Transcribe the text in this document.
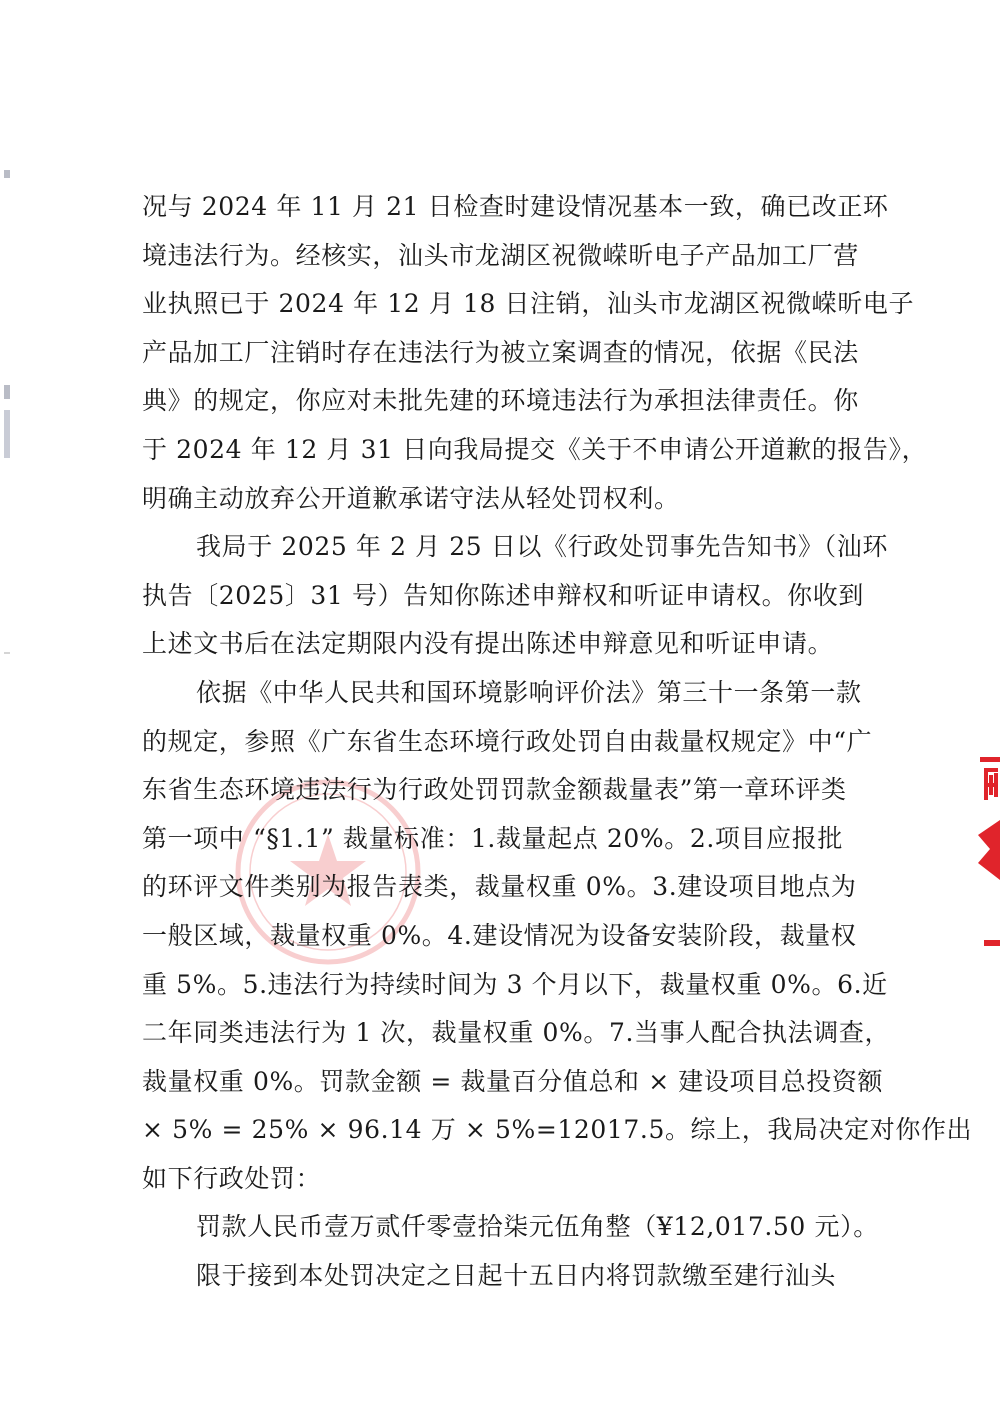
况与 2024 年 11 月 21 日检查时建设情况基本一致，确已改正环
境违法行为。经核实，汕头市龙湖区祝微嵘昕电子产品加工厂营
业执照已于 2024 年 12 月 18 日注销，汕头市龙湖区祝微嵘昕电子
产品加工厂注销时存在违法行为被立案调查的情况，依据《民法
典》的规定，你应对未批先建的环境违法行为承担法律责任。你
于 2024 年 12 月 31 日向我局提交《关于不申请公开道歉的报告》，
明确主动放弃公开道歉承诺守法从轻处罚权利。
我局于 2025 年 2 月 25 日以《行政处罚事先告知书》（汕环
执告〔2025〕31 号）告知你陈述申辩权和听证申请权。你收到
上述文书后在法定期限内没有提出陈述申辩意见和听证申请。
依据《中华人民共和国环境影响评价法》第三十一条第一款
的规定，参照《广东省生态环境行政处罚自由裁量权规定》中“广
东省生态环境违法行为行政处罚罚款金额裁量表”第一章环评类
第一项中 “§1.1” 裁量标准：1.裁量起点 20%。2.项目应报批
的环评文件类别为报告表类，裁量权重 0%。3.建设项目地点为
一般区域，裁量权重 0%。4.建设情况为设备安装阶段，裁量权
重 5%。5.违法行为持续时间为 3 个月以下，裁量权重 0%。6.近
二年同类违法行为 1 次，裁量权重 0%。7.当事人配合执法调查，
裁量权重 0%。罚款金额 = 裁量百分值总和 × 建设项目总投资额
× 5% = 25% × 96.14 万 × 5%=12017.5。综上，我局决定对你作出
如下行政处罚：
罚款人民币壹万贰仟零壹拾柒元伍角整（¥12,017.50 元）。
限于接到本处罚决定之日起十五日内将罚款缴至建行汕头
